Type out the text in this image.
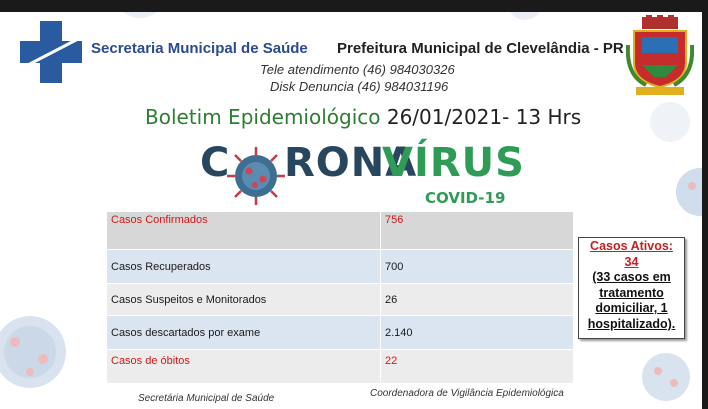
Secretaria Municipal de Saúde Prefeitura Municipal de Clevelândia - PR
Tele atendimento (46) 984030326
Disk Denuncia (46) 984031196
Boletim Epidemiológico 26/01/2021- 13 Hrs
C RONA
VÍRUS
COVID-19
Casos Confirmados	756
Casos Recuperados	700
Casos Suspeitos e Monitorados	26
Casos descartados por exame	2.140
Casos de óbitos	22
Casos Ativos:
34
(33 casos em
tratamento
domiciliar, 1
hospitalizado).
Secretária Municipal de Saúde	Coordenadora de Vigilância Epidemiológica
